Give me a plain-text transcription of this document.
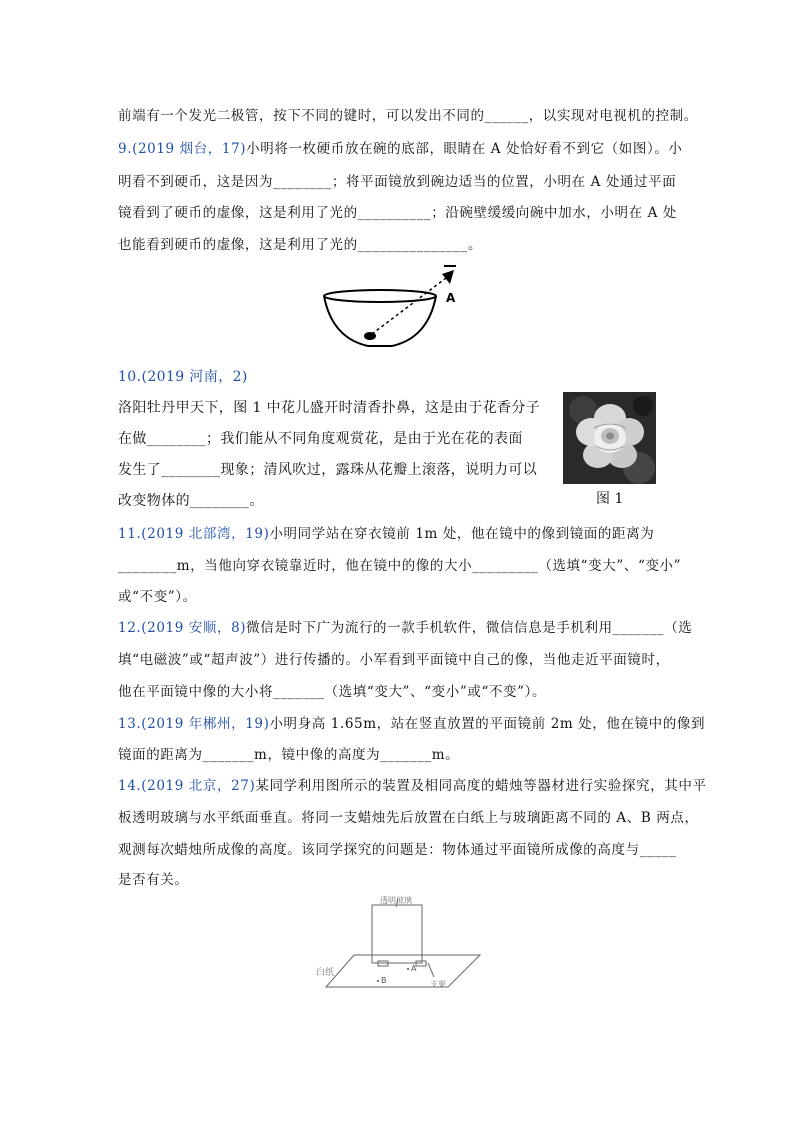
前端有一个发光二极管，按下不同的键时，可以发出不同的______，以实现对电视机的控制。
9.(2019 烟台，17)小明将一枚硬币放在碗的底部，眼睛在 A 处恰好看不到它（如图）。小
明看不到硬币，这是因为________；将平面镜放到碗边适当的位置，小明在 A 处通过平面
镜看到了硬币的虚像，这是利用了光的__________；沿碗壁缓缓向碗中加水，小明在 A 处
也能看到硬币的虚像，这是利用了光的_______________。
A
10.(2019 河南，2)
洛阳牡丹甲天下，图 1 中花儿盛开时清香扑鼻，这是由于花香分子
在做________；我们能从不同角度观赏花，是由于光在花的表面
发生了________现象；清风吹过，露珠从花瓣上滚落，说明力可以
改变物体的________。	图 1
11.(2019 北部湾，19)小明同学站在穿衣镜前 1m 处，他在镜中的像到镜面的距离为
________m，当他向穿衣镜靠近时，他在镜中的像的大小_________（选填“变大”、“变小”
或“不变”）。
12.(2019 安顺，8)微信是时下广为流行的一款手机软件，微信信息是手机利用_______（选
填“电磁波”或“超声波”）进行传播的。小军看到平面镜中自己的像，当他走近平面镜时，
他在平面镜中像的大小将_______（选填“变大”、“变小”或“不变”）。
13.(2019 年郴州，19)小明身高 1.65m，站在竖直放置的平面镜前 2m 处，他在镜中的像到
镜面的距离为_______m，镜中像的高度为_______m。
14.(2019 北京，27)某同学利用图所示的装置及相同高度的蜡烛等器材进行实验探究，其中平
板透明玻璃与水平纸面垂直。将同一支蜡烛先后放置在白纸上与玻璃距离不同的 A、B 两点，
观测每次蜡烛所成像的高度。该同学探究的问题是：物体通过平面镜所成像的高度与_____
是否有关。
透明玻璃
白纸
支架
A
B
